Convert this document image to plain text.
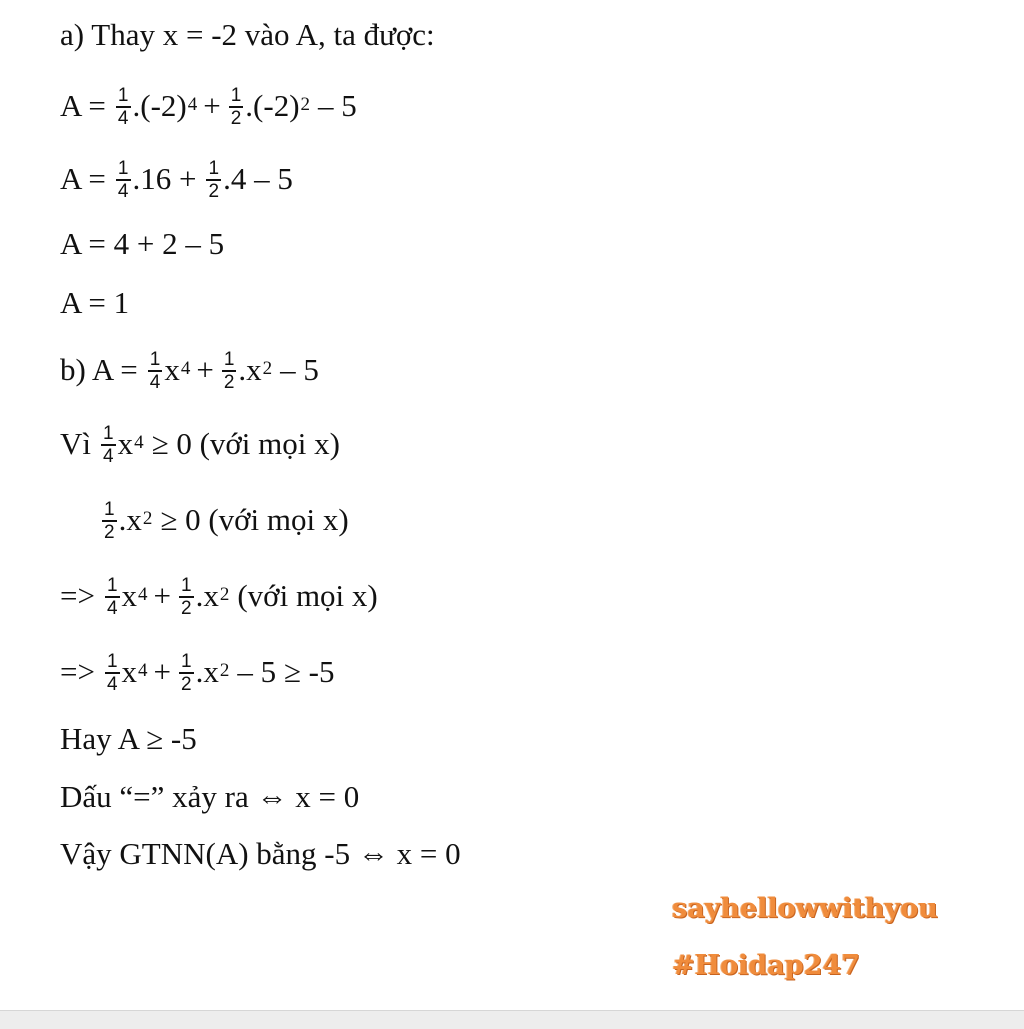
a) Thay x = -2 vào A, ta được:
$A = \frac{1}{4} .(-2) 4 + \frac{1}{2} .(-2)$ 2 – 5
$A = \frac{1}{4} .16 + \frac{1}{2} .4 - 5$
A = 4 + 2 – 5
A = 1
b) $A = \frac{1}{4}$ x $4 + \frac{1}{2} .x$ 2 – 5
Vì $\frac{1}{4}$ x 4 ≥ 0 (với mọi x)
$\frac{1}{2} .x$ 2 ≥ 0 (với mọi x)
=> $\frac{1}{4}$ x $4 + \frac{1}{2} .x$ 2 (với mọi x)
=> $\frac{1}{4}$ x $4 + \frac{1}{2} .x$ 2 – 5 ≥ -5
Hay A ≥ -5
Dấu “=” xảy ra ⇔ x = 0
Vậy GTNN(A) bằng -5 ⇔ x = 0
sayhellowwithyou
#Hoidap247
